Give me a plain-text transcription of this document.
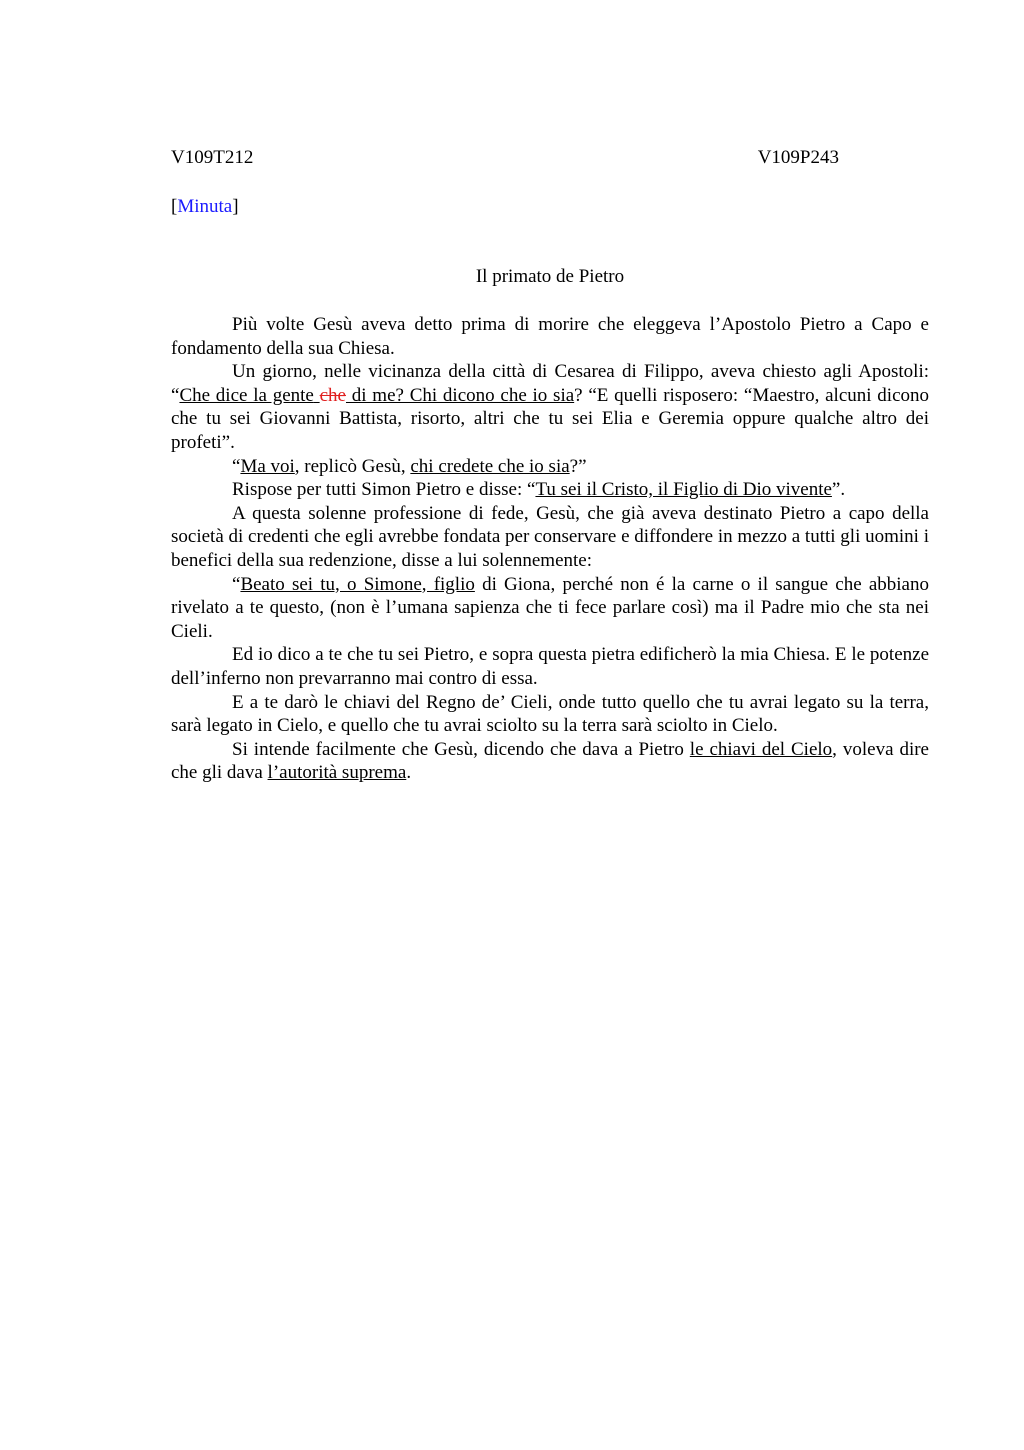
V109T212	V109P243
[Minuta]
Il primato de Pietro

Più volte Gesù aveva detto prima di morire che eleggeva l’Apostolo Pietro a Capo e fondamento della sua Chiesa.

Un giorno, nelle vicinanza della città di Cesarea di Filippo, aveva chiesto agli Apostoli: “Che dice la gente che di me? Chi dicono che io sia? “E quelli risposero: “Maestro, alcuni dicono che tu sei Giovanni Battista, risorto, altri che tu sei Elia e Geremia oppure qualche altro dei profeti”.

“Ma voi, replicò Gesù, chi credete che io sia?”

Rispose per tutti Simon Pietro e disse: “Tu sei il Cristo, il Figlio di Dio vivente”.

A questa solenne professione di fede, Gesù, che già aveva destinato Pietro a capo della società di credenti che egli avrebbe fondata per conservare e diffondere in mezzo a tutti gli uomini i benefici della sua redenzione, disse a lui solennemente:

“Beato sei tu, o Simone, figlio di Giona, perché non é la carne o il sangue che abbiano rivelato a te questo, (non è l’umana sapienza che ti fece parlare così) ma il Padre mio che sta nei Cieli.

Ed io dico a te che tu sei Pietro, e sopra questa pietra edificherò la mia Chiesa. E le potenze dell’inferno non prevarranno mai contro di essa.

E a te darò le chiavi del Regno de’ Cieli, onde tutto quello che tu avrai legato su la terra, sarà legato in Cielo, e quello che tu avrai sciolto su la terra sarà sciolto in Cielo.

Si intende facilmente che Gesù, dicendo che dava a Pietro le chiavi del Cielo, voleva dire che gli dava l’autorità suprema.
